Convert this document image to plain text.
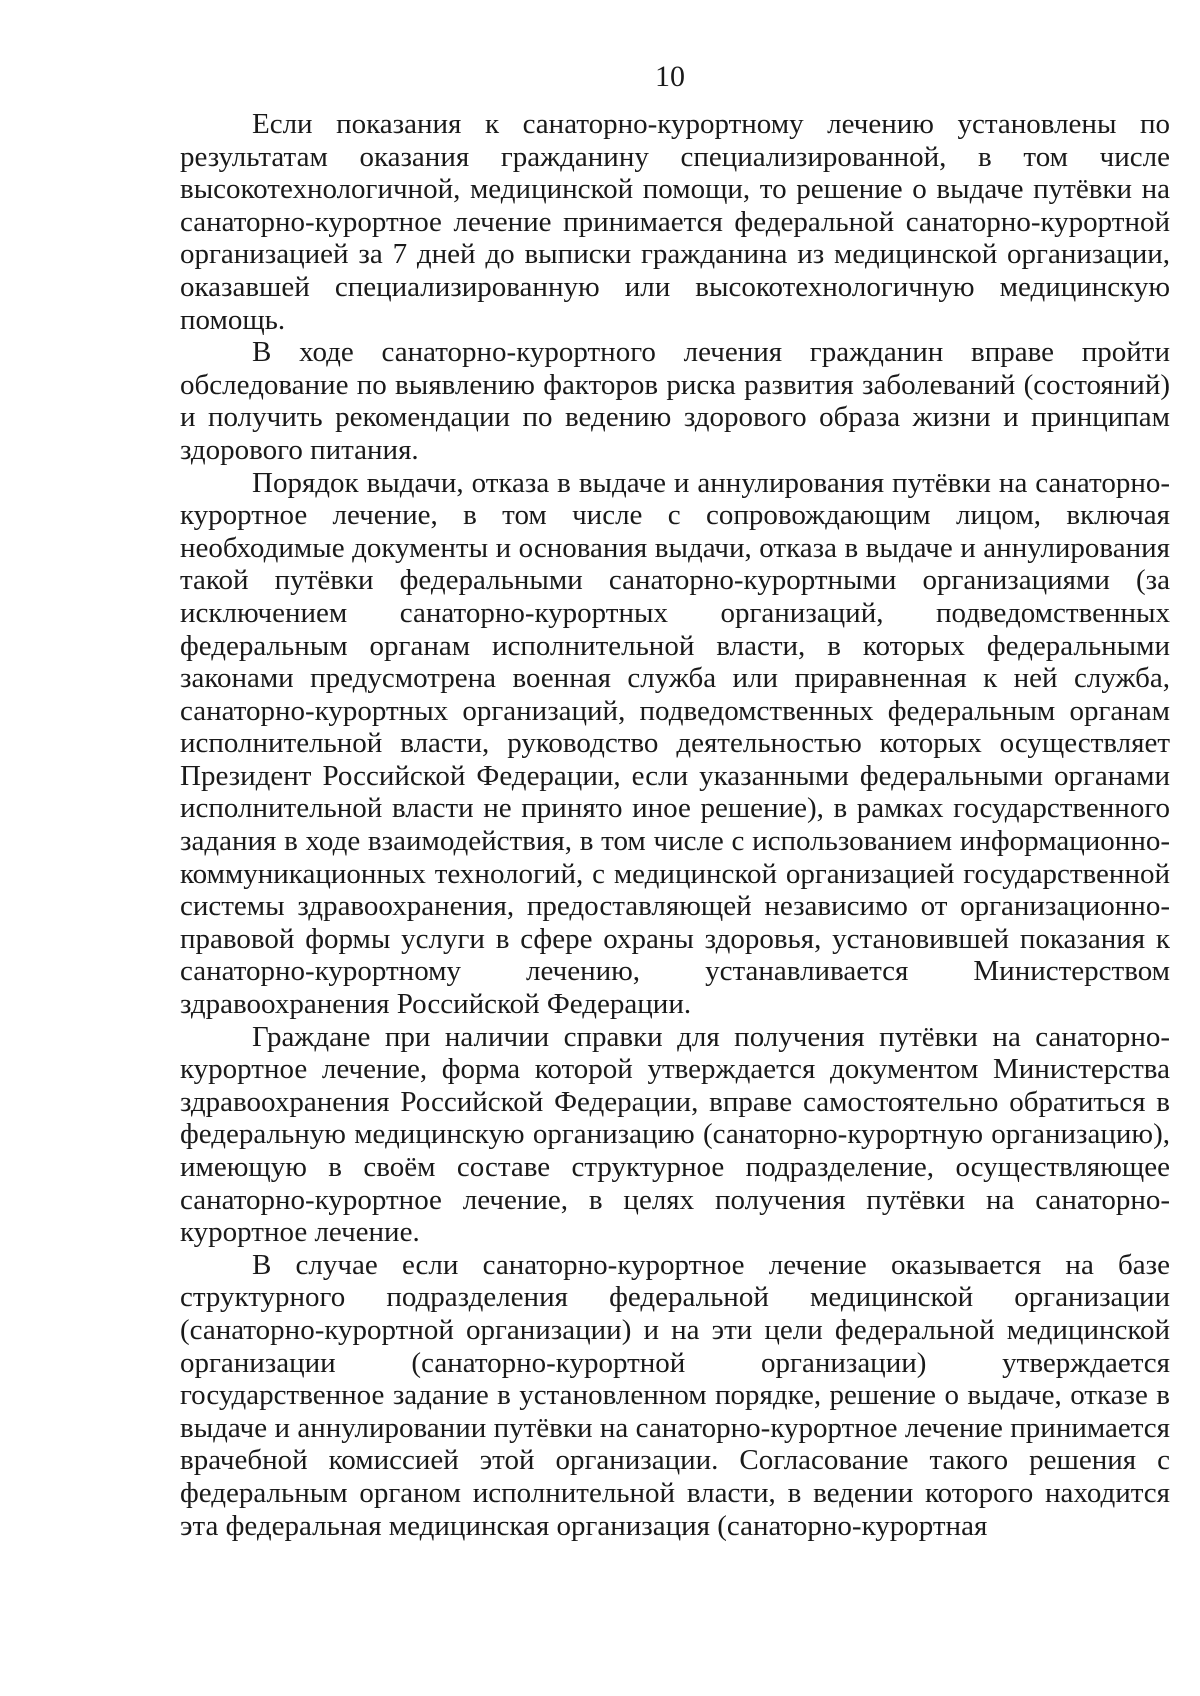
10

Если показания к санаторно-курортному лечению установлены по результатам оказания гражданину специализированной, в том числе высокотехнологичной, медицинской помощи, то решение о выдаче путёвки на санаторно-курортное лечение принимается федеральной санаторно-курортной организацией за 7 дней до выписки гражданина из медицинской организации, оказавшей специализированную или высокотехнологичную медицинскую помощь.

В ходе санаторно-курортного лечения гражданин вправе пройти обследование по выявлению факторов риска развития заболеваний (состояний) и получить рекомендации по ведению здорового образа жизни и принципам здорового питания.

Порядок выдачи, отказа в выдаче и аннулирования путёвки на санаторно-курортное лечение, в том числе с сопровождающим лицом, включая необходимые документы и основания выдачи, отказа в выдаче и аннулирования такой путёвки федеральными санаторно-курортными организациями (за исключением санаторно-курортных организаций, подведомственных федеральным органам исполнительной власти, в которых федеральными законами предусмотрена военная служба или приравненная к ней служба, санаторно-курортных организаций, подведомственных федеральным органам исполнительной власти, руководство деятельностью которых осуществляет Президент Российской Федерации, если указанными федеральными органами исполнительной власти не принято иное решение), в рамках государственного задания в ходе взаимодействия, в том числе с использованием информационно-коммуникационных технологий, с медицинской организацией государственной системы здравоохранения, предоставляющей независимо от организационно-правовой формы услуги в сфере охраны здоровья, установившей показания к санаторно-курортному лечению, устанавливается Министерством здравоохранения Российской Федерации.

Граждане при наличии справки для получения путёвки на санаторно-курортное лечение, форма которой утверждается документом Министерства здравоохранения Российской Федерации, вправе самостоятельно обратиться в федеральную медицинскую организацию (санаторно-курортную организацию), имеющую в своём составе структурное подразделение, осуществляющее санаторно-курортное лечение, в целях получения путёвки на санаторно-курортное лечение.

В случае если санаторно-курортное лечение оказывается на базе структурного подразделения федеральной медицинской организации (санаторно-курортной организации) и на эти цели федеральной медицинской организации (санаторно-курортной организации) утверждается государственное задание в установленном порядке, решение о выдаче, отказе в выдаче и аннулировании путёвки на санаторно-курортное лечение принимается врачебной комиссией этой организации. Согласование такого решения с федеральным органом исполнительной власти, в ведении которого находится эта федеральная медицинская организация (санаторно-курортная
